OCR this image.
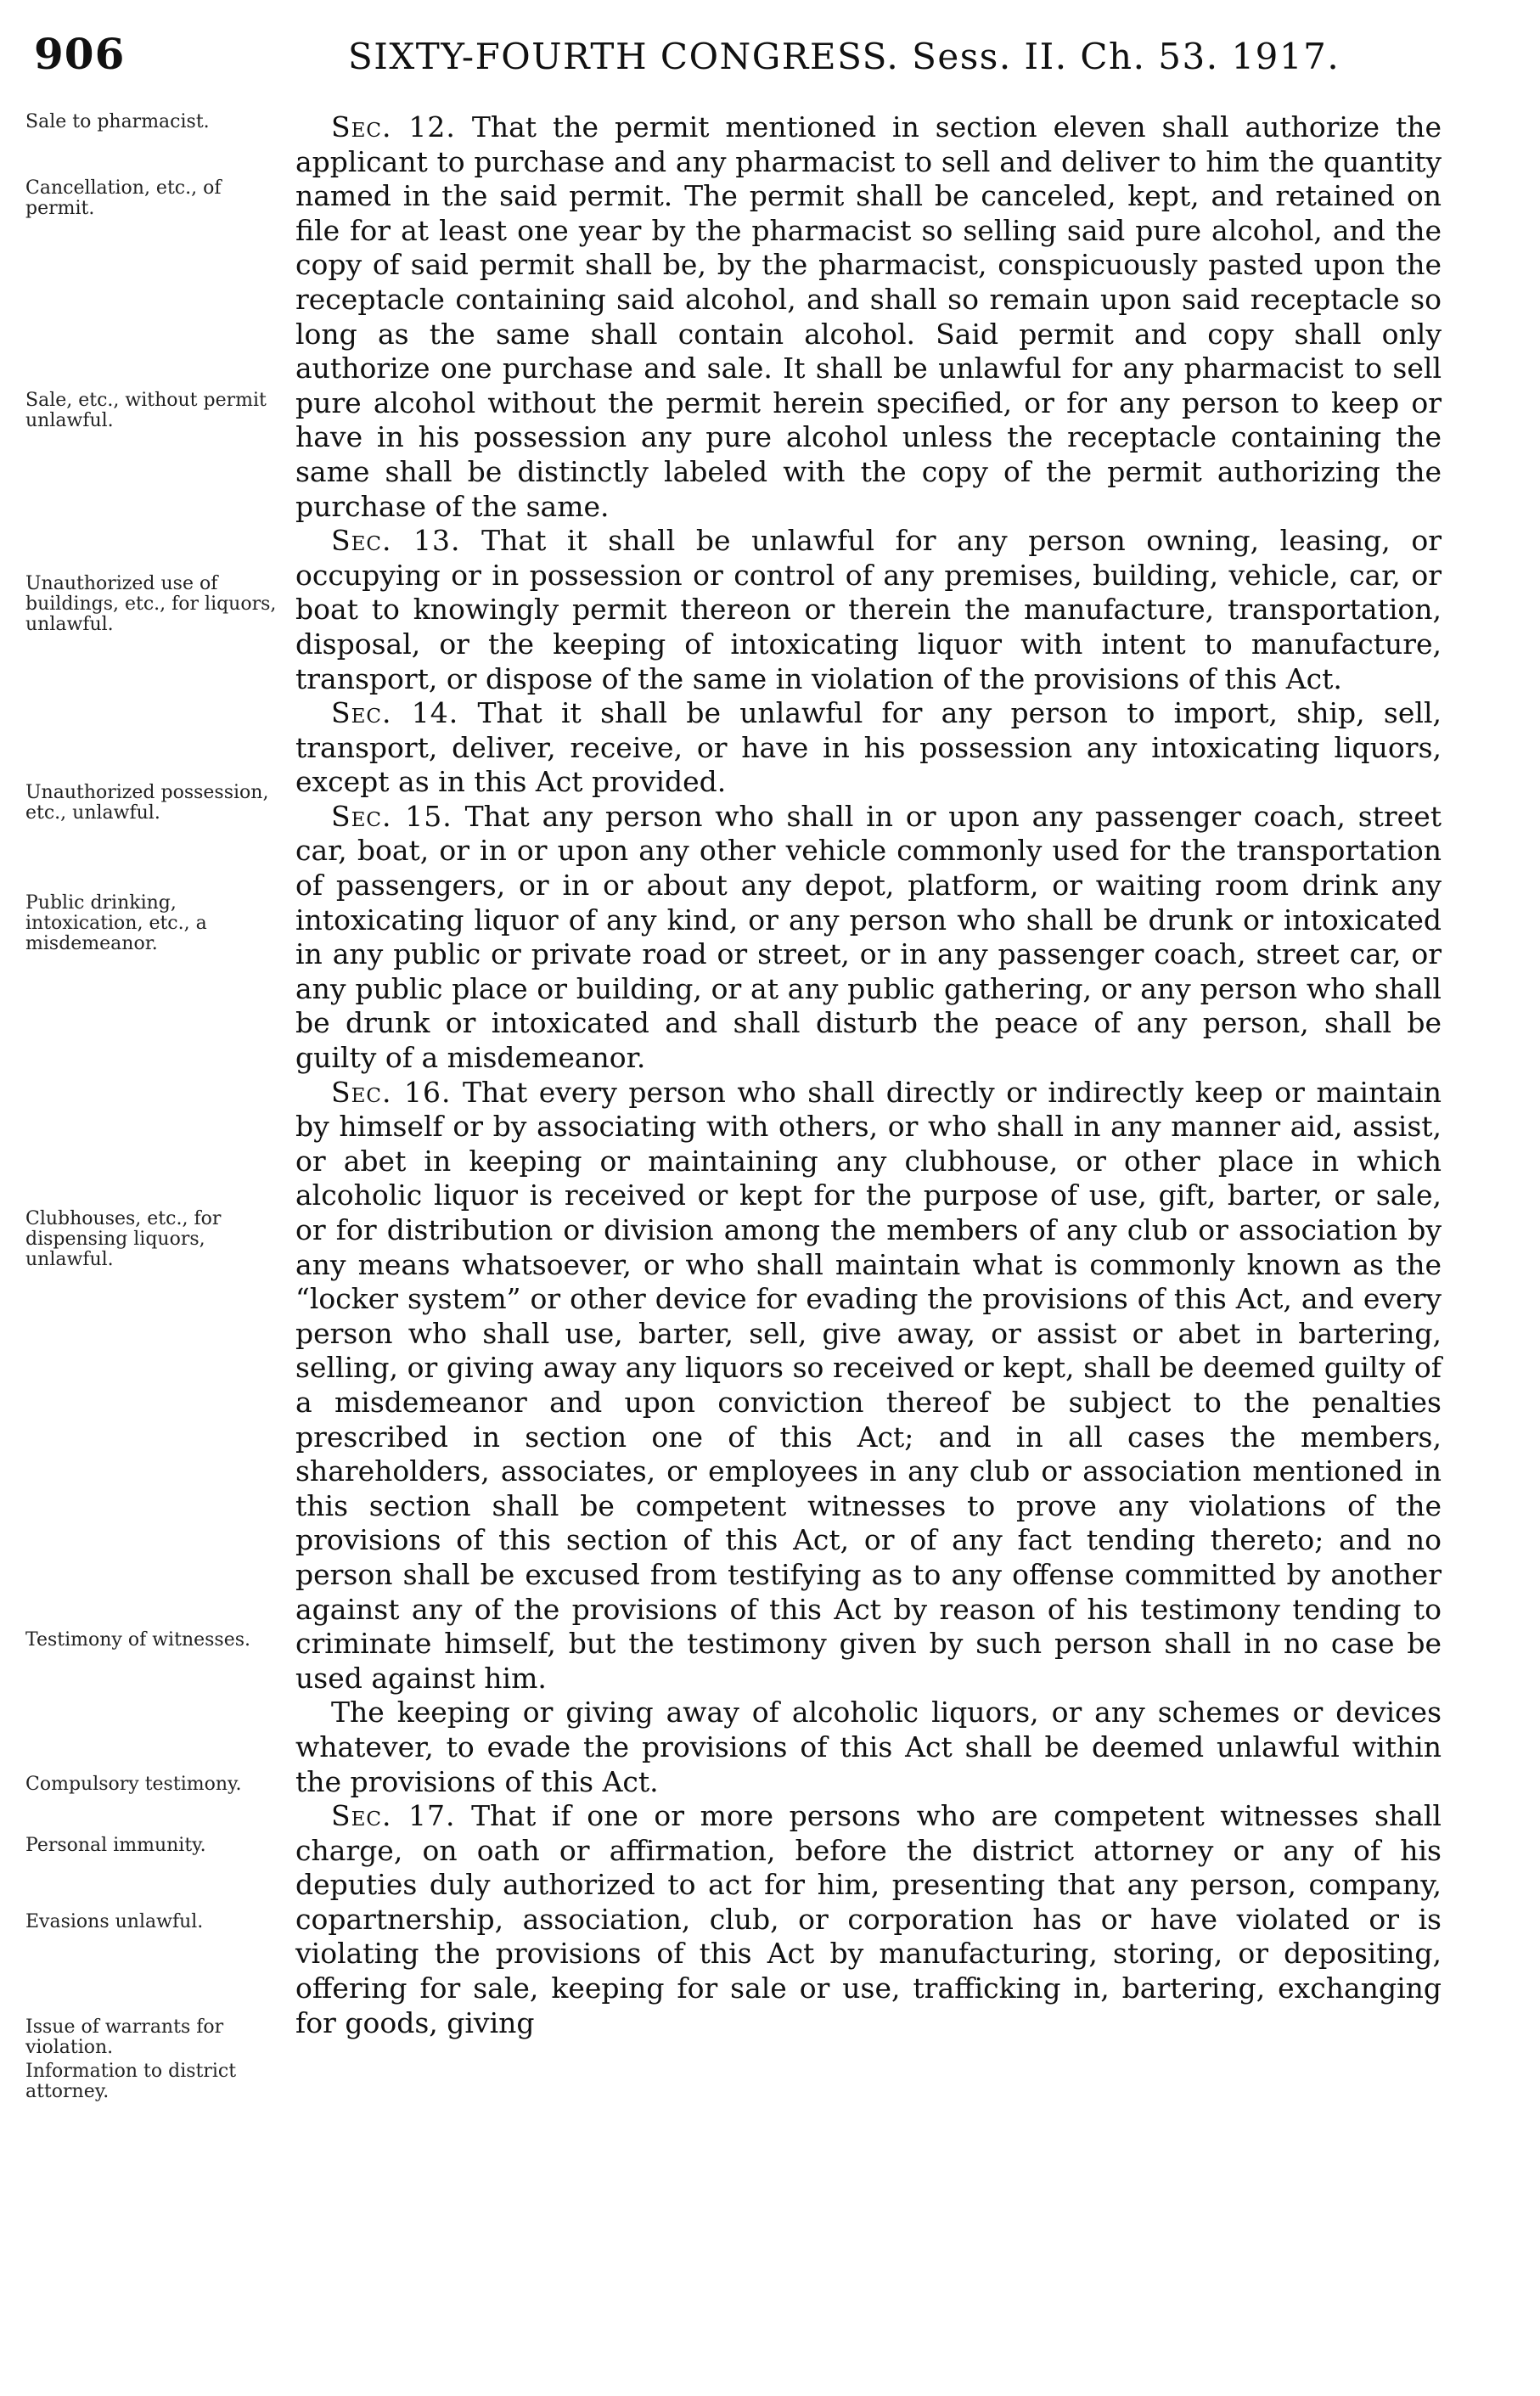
906	SIXTY-FOURTH CONGRESS. Sess. II. Ch. 53. 1917.
Sale to pharmacist.
Cancellation, etc., of permit.
Sale, etc., without permit unlawful.
Unauthorized use of buildings, etc., for liquors, unlawful.
Unauthorized possession, etc., unlawful.
Public drinking, intoxication, etc., a misdemeanor.
Clubhouses, etc., for dispensing liquors, unlawful.
Testimony of witnesses.
Compulsory testimony.
Personal immunity.
Evasions unlawful.
Issue of warrants for violation.
Information to district attorney.

Sec. 12. That the permit mentioned in section eleven shall authorize the applicant to purchase and any pharmacist to sell and deliver to him the quantity named in the said permit. The permit shall be canceled, kept, and retained on file for at least one year by the pharmacist so selling said pure alcohol, and the copy of said permit shall be, by the pharmacist, conspicuously pasted upon the receptacle containing said alcohol, and shall so remain upon said receptacle so long as the same shall contain alcohol. Said permit and copy shall only authorize one purchase and sale. It shall be unlawful for any pharmacist to sell pure alcohol without the permit herein specified, or for any person to keep or have in his possession any pure alcohol unless the receptacle containing the same shall be distinctly labeled with the copy of the permit authorizing the purchase of the same.

Sec. 13. That it shall be unlawful for any person owning, leasing, or occupying or in possession or control of any premises, building, vehicle, car, or boat to knowingly permit thereon or therein the manufacture, transportation, disposal, or the keeping of intoxicating liquor with intent to manufacture, transport, or dispose of the same in violation of the provisions of this Act.

Sec. 14. That it shall be unlawful for any person to import, ship, sell, transport, deliver, receive, or have in his possession any intoxicating liquors, except as in this Act provided.

Sec. 15. That any person who shall in or upon any passenger coach, street car, boat, or in or upon any other vehicle commonly used for the transportation of passengers, or in or about any depot, platform, or waiting room drink any intoxicating liquor of any kind, or any person who shall be drunk or intoxicated in any public or private road or street, or in any passenger coach, street car, or any public place or building, or at any public gathering, or any person who shall be drunk or intoxicated and shall disturb the peace of any person, shall be guilty of a misdemeanor.

Sec. 16. That every person who shall directly or indirectly keep or maintain by himself or by associating with others, or who shall in any manner aid, assist, or abet in keeping or maintaining any clubhouse, or other place in which alcoholic liquor is received or kept for the purpose of use, gift, barter, or sale, or for distribution or division among the members of any club or association by any means whatsoever, or who shall maintain what is commonly known as the “locker system” or other device for evading the provisions of this Act, and every person who shall use, barter, sell, give away, or assist or abet in bartering, selling, or giving away any liquors so received or kept, shall be deemed guilty of a misdemeanor and upon conviction thereof be subject to the penalties prescribed in section one of this Act; and in all cases the members, shareholders, associates, or employees in any club or association mentioned in this section shall be competent witnesses to prove any violations of the provisions of this section of this Act, or of any fact tending thereto; and no person shall be excused from testifying as to any offense committed by another against any of the provisions of this Act by reason of his testimony tending to criminate himself, but the testimony given by such person shall in no case be used against him.

The keeping or giving away of alcoholic liquors, or any schemes or devices whatever, to evade the provisions of this Act shall be deemed unlawful within the provisions of this Act.

Sec. 17. That if one or more persons who are competent witnesses shall charge, on oath or affirmation, before the district attorney or any of his deputies duly authorized to act for him, presenting that any person, company, copartnership, association, club, or corporation has or have violated or is violating the provisions of this Act by manufacturing, storing, or depositing, offering for sale, keeping for sale or use, trafficking in, bartering, exchanging for goods, giving
